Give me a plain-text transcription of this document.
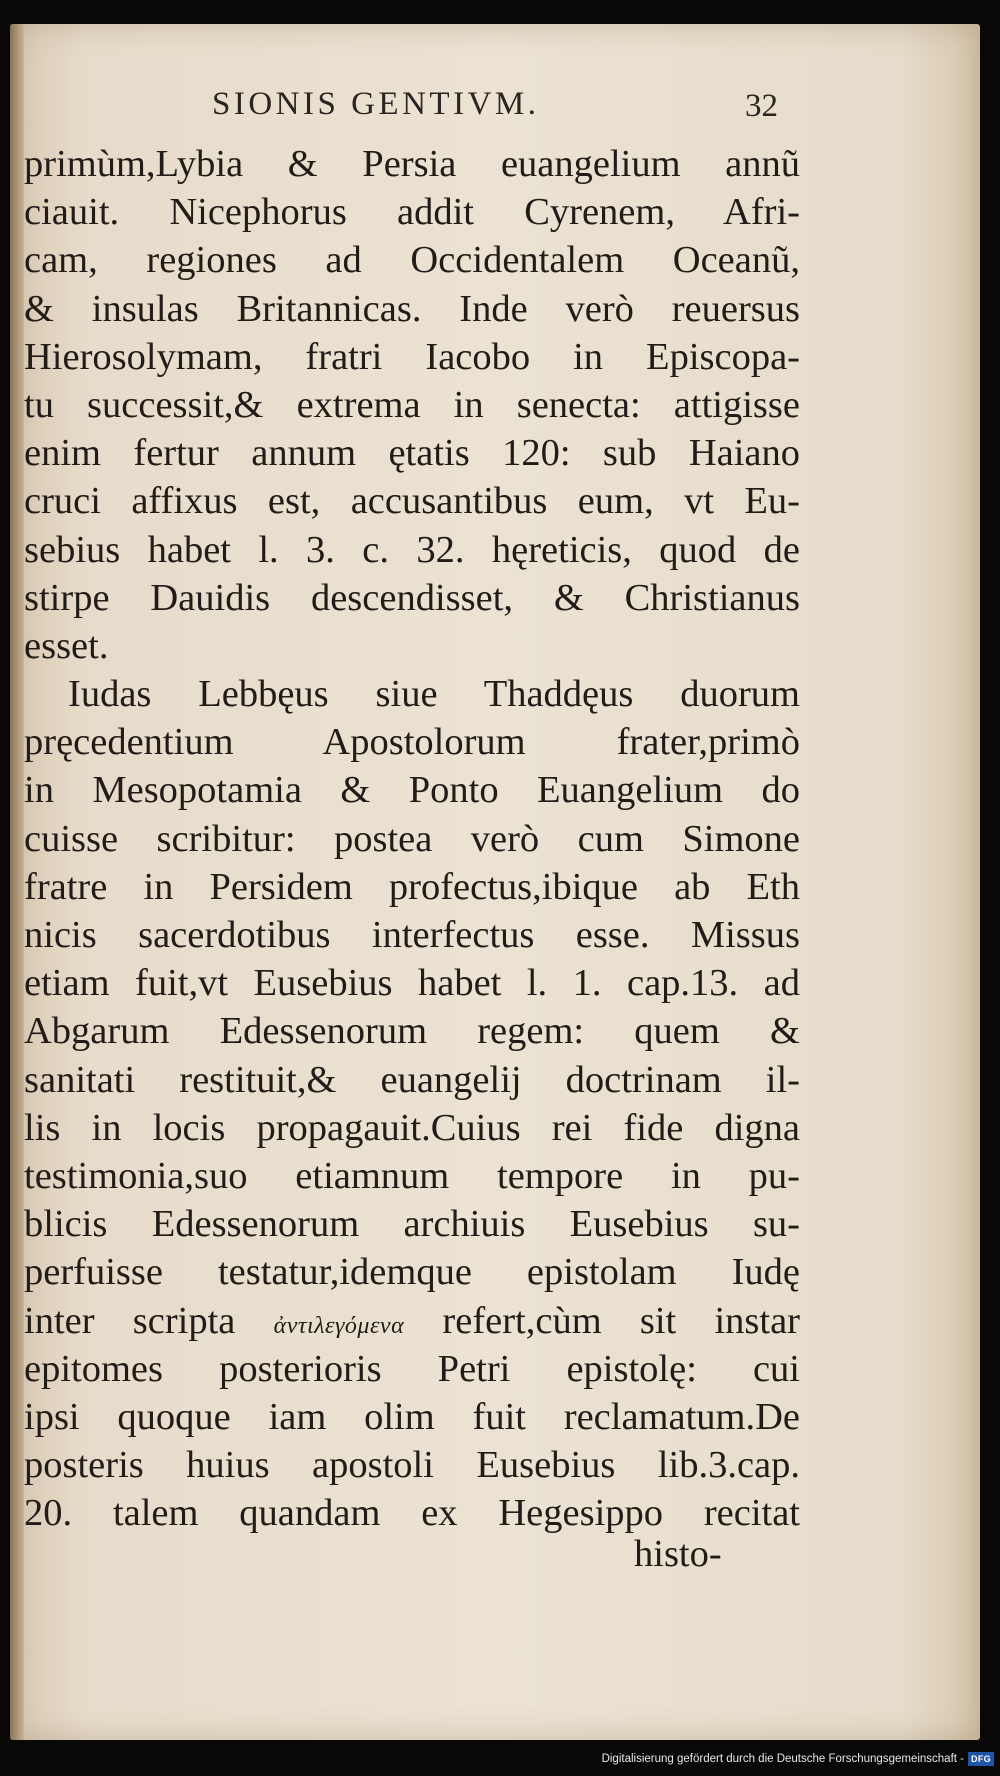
SIONIS GENTIVM.	32
primùm,Lybia & Persia euangelium annũ
ciauit. Nicephorus addit Cyrenem, Afri-
cam, regiones ad Occidentalem Oceanũ,
& insulas Britannicas. Inde verò reuersus
Hierosolymam, fratri Iacobo in Episcopa-
tu successit,& extrema in senecta: attigisse
enim fertur annum ętatis 120: sub Haiano
cruci affixus est, accusantibus eum, vt Eu-
sebius habet l. 3. c. 32. hęreticis, quod de
stirpe Dauidis descendisset, & Christianus
esset.
Iudas Lebbęus siue Thaddęus duorum
pręcedentium Apostolorum frater,primò
in Mesopotamia & Ponto Euangelium do
cuisse scribitur: postea verò cum Simone
fratre in Persidem profectus,ibique ab Eth
nicis sacerdotibus interfectus esse. Missus
etiam fuit,vt Eusebius habet l. 1. cap.13. ad
Abgarum Edessenorum regem: quem &
sanitati restituit,& euangelij doctrinam il-
lis in locis propagauit.Cuius rei fide digna
testimonia,suo etiamnum tempore in pu-
blicis Edessenorum archiuis Eusebius su-
perfuisse testatur,idemque epistolam Iudę
inter scripta ἀντιλεγόμενα refert,cùm sit instar
epitomes posterioris Petri epistolę: cui
ipsi quoque iam olim fuit reclamatum.De
posteris huius apostoli Eusebius lib.3.cap.
20. talem quandam ex Hegesippo recitat
histo-
Digitalisierung gefördert durch die Deutsche Forschungsgemeinschaft - DFG
